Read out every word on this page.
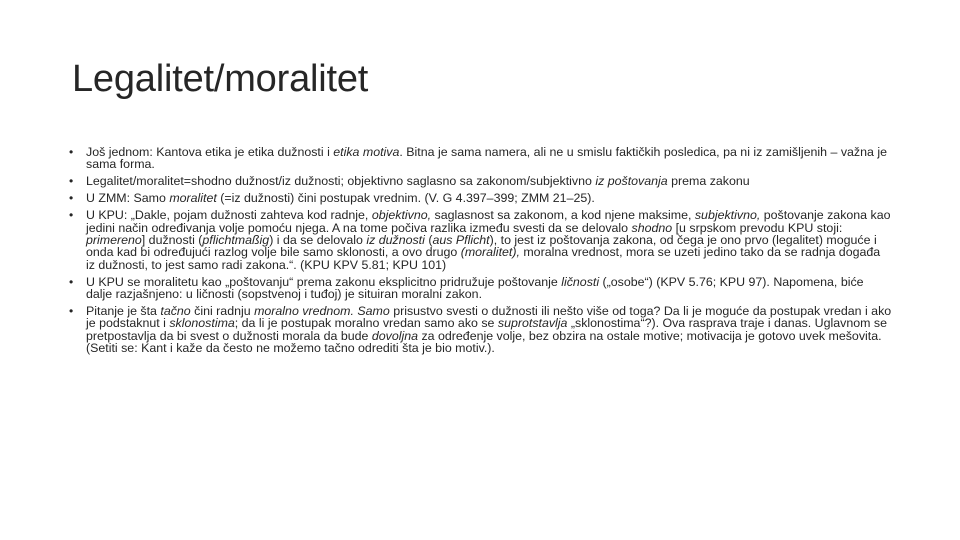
Legalitet/moralitet
• Još jednom: Kantova etika je etika dužnosti i etika motiva. Bitna je sama namera, ali ne u smislu faktičkih posledica, pa ni iz zamišljenih – važna je sama forma.
• Legalitet/moralitet=shodno dužnost/iz dužnosti; objektivno saglasno sa zakonom/subjektivno iz poštovanja prema zakonu
• U ZMM: Samo moralitet (=iz dužnosti) čini postupak vrednim. (V. G 4.397–399; ZMM 21–25).
• U KPU: „Dakle, pojam dužnosti zahteva kod radnje, objektivno, saglasnost sa zakonom, a kod njene maksime, subjektivno, poštovanje zakona kao jedini način određivanja volje pomoću njega. A na tome počiva razlika između svesti da se delovalo shodno [u srpskom prevodu KPU stoji: primereno] dužnosti (pflichtmaßig) i da se delovalo iz dužnosti (aus Pflicht), to jest iz poštovanja zakona, od čega je ono prvo (legalitet) moguće i onda kad bi određujući razlog volje bile samo sklonosti, a ovo drugo (moralitet), moralna vrednost, mora se uzeti jedino tako da se radnja događa iz dužnosti, to jest samo radi zakona.“. (KPU KPV 5.81; KPU 101)
• U KPU se moralitetu kao „poštovanju“ prema zakonu eksplicitno pridružuje poštovanje ličnosti („osobe“) (KPV 5.76; KPU 97). Napomena, biće dalje razjašnjeno: u ličnosti (sopstvenoj i tuđoj) je situiran moralni zakon.
• Pitanje je šta tačno čini radnju moralno vrednom. Samo prisustvo svesti o dužnosti ili nešto više od toga? Da li je moguće da postupak vredan i ako je podstaknut i sklonostima; da li je postupak moralno vredan samo ako se suprotstavlja „sklonostima“?). Ova rasprava traje i danas. Uglavnom se pretpostavlja da bi svest o dužnosti morala da bude dovoljna za određenje volje, bez obzira na ostale motive; motivacija je gotovo uvek mešovita. (Setiti se: Kant i kaže da često ne možemo tačno odrediti šta je bio motiv.).
